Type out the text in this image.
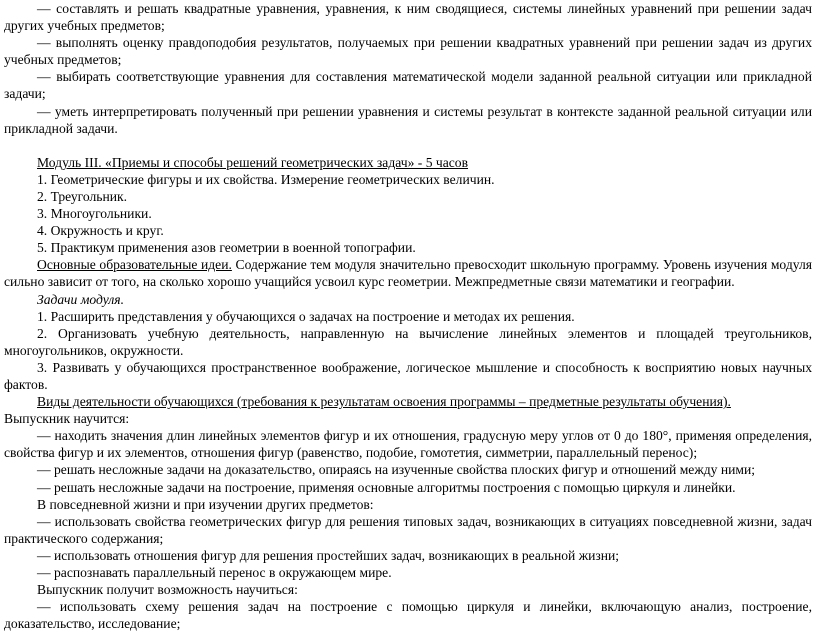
— составлять и решать квадратные уравнения, уравнения, к ним сводящиеся, системы линейных уравнений при решении задач других учебных предметов;

— выполнять оценку правдоподобия результатов, получаемых при решении квадратных уравнений при решении задач из других учебных предметов;

— выбирать соответствующие уравнения для составления математической модели заданной реальной ситуации или прикладной задачи;

— уметь интерпретировать полученный при решении уравнения и системы результат в контексте заданной реальной ситуации или прикладной задачи.

Модуль III. «Приемы и способы решений геометрических задач» - 5 часов

1. Геометрические фигуры и их свойства. Измерение геометрических величин.

2. Треугольник.

3. Многоугольники.

4. Окружность и круг.

5. Практикум применения азов геометрии в военной топографии.

Основные образовательные идеи. Содержание тем модуля значительно превосходит школьную программу. Уровень изучения модуля сильно зависит от того, на сколько хорошо учащийся усвоил курс геометрии. Межпредметные связи математики и географии.

Задачи модуля.

1. Расширить представления у обучающихся о задачах на построение и методах их решения.

2. Организовать учебную деятельность, направленную на вычисление линейных элементов и площадей треугольников, многоугольников, окружности.

3. Развивать у обучающихся пространственное воображение, логическое мышление и способность к восприятию новых научных фактов.

Виды деятельности обучающихся (требования к результатам освоения программы – предметные результаты обучения).

Выпускник научится:

— находить значения длин линейных элементов фигур и их отношения, градусную меру углов от 0 до 180°, применяя определения, свойства фигур и их элементов, отношения фигур (равенство, подобие, гомотетия, симметрии, параллельный перенос);

— решать несложные задачи на доказательство, опираясь на изученные свойства плоских фигур и отношений между ними;

— решать несложные задачи на построение, применяя основные алгоритмы построения с помощью циркуля и линейки.

В повседневной жизни и при изучении других предметов:

— использовать свойства геометрических фигур для решения типовых задач, возникающих в ситуациях повседневной жизни, задач практического содержания;

— использовать отношения фигур для решения простейших задач, возникающих в реальной жизни;

— распознавать параллельный перенос в окружающем мире.

Выпускник получит возможность научиться:

— использовать схему решения задач на построение с помощью циркуля и линейки, включающую анализ, построение, доказательство, исследование;
